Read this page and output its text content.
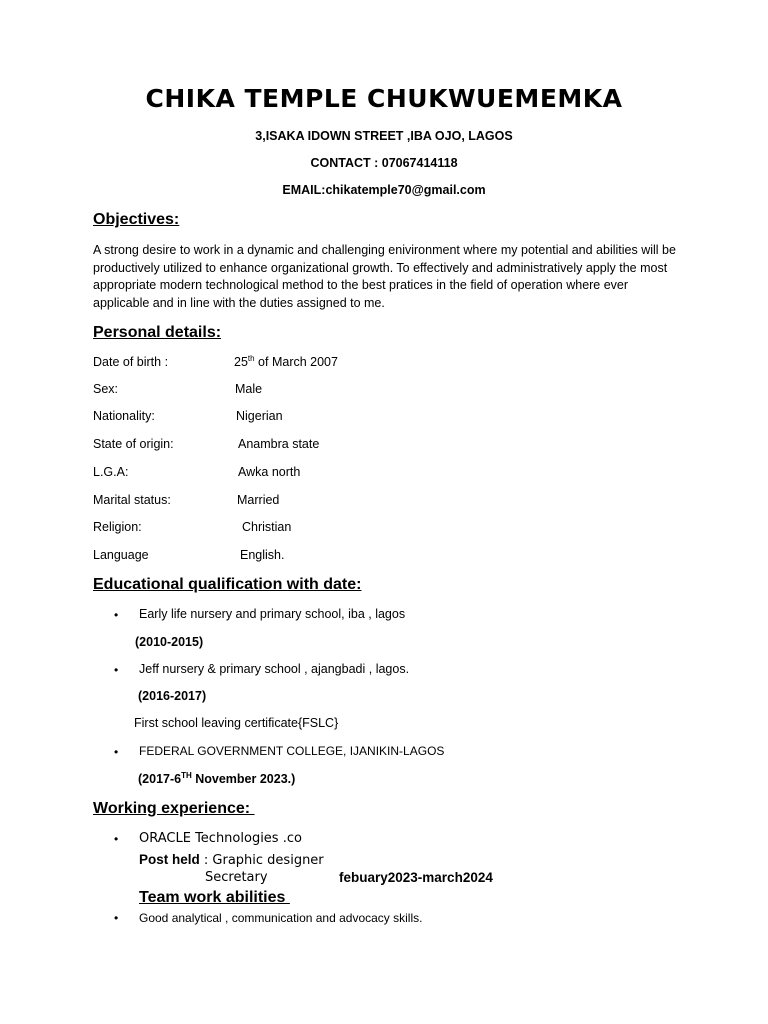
CHIKA TEMPLE CHUKWUEMEMKA
3,ISAKA IDOWN STREET ,IBA OJO, LAGOS
CONTACT : 07067414118
EMAIL:chikatemple70@gmail.com
Objectives:
A strong desire to work in a dynamic and challenging enivironment where my potential and abilities will be productively utilized to enhance organizational growth. To effectively and administratively apply the most appropriate modern technological method to the best pratices in the field of operation where ever applicable and in line with the duties assigned to me.
Personal details:
Date of birth :	25th of March 2007
Sex:	Male
Nationality:	Nigerian
State of origin:	Anambra state
L.G.A:	Awka north
Marital status:	Married
Religion:	Christian
Language	English.
Educational qualification with date:
• Early life nursery and primary school, iba , lagos
(2010-2015)
• Jeff nursery & primary school , ajangbadi , lagos.
(2016-2017)
First school leaving certificate{FSLC}
• FEDERAL GOVERNMENT COLLEGE, IJANIKIN-LAGOS
(2017-6TH November 2023.)
Working experience:
• ORACLE Technologies .co
Post held : Graphic designer
Secretary	febuary2023-march2024
Team work abilities
• Good analytical , communication and advocacy skills.
